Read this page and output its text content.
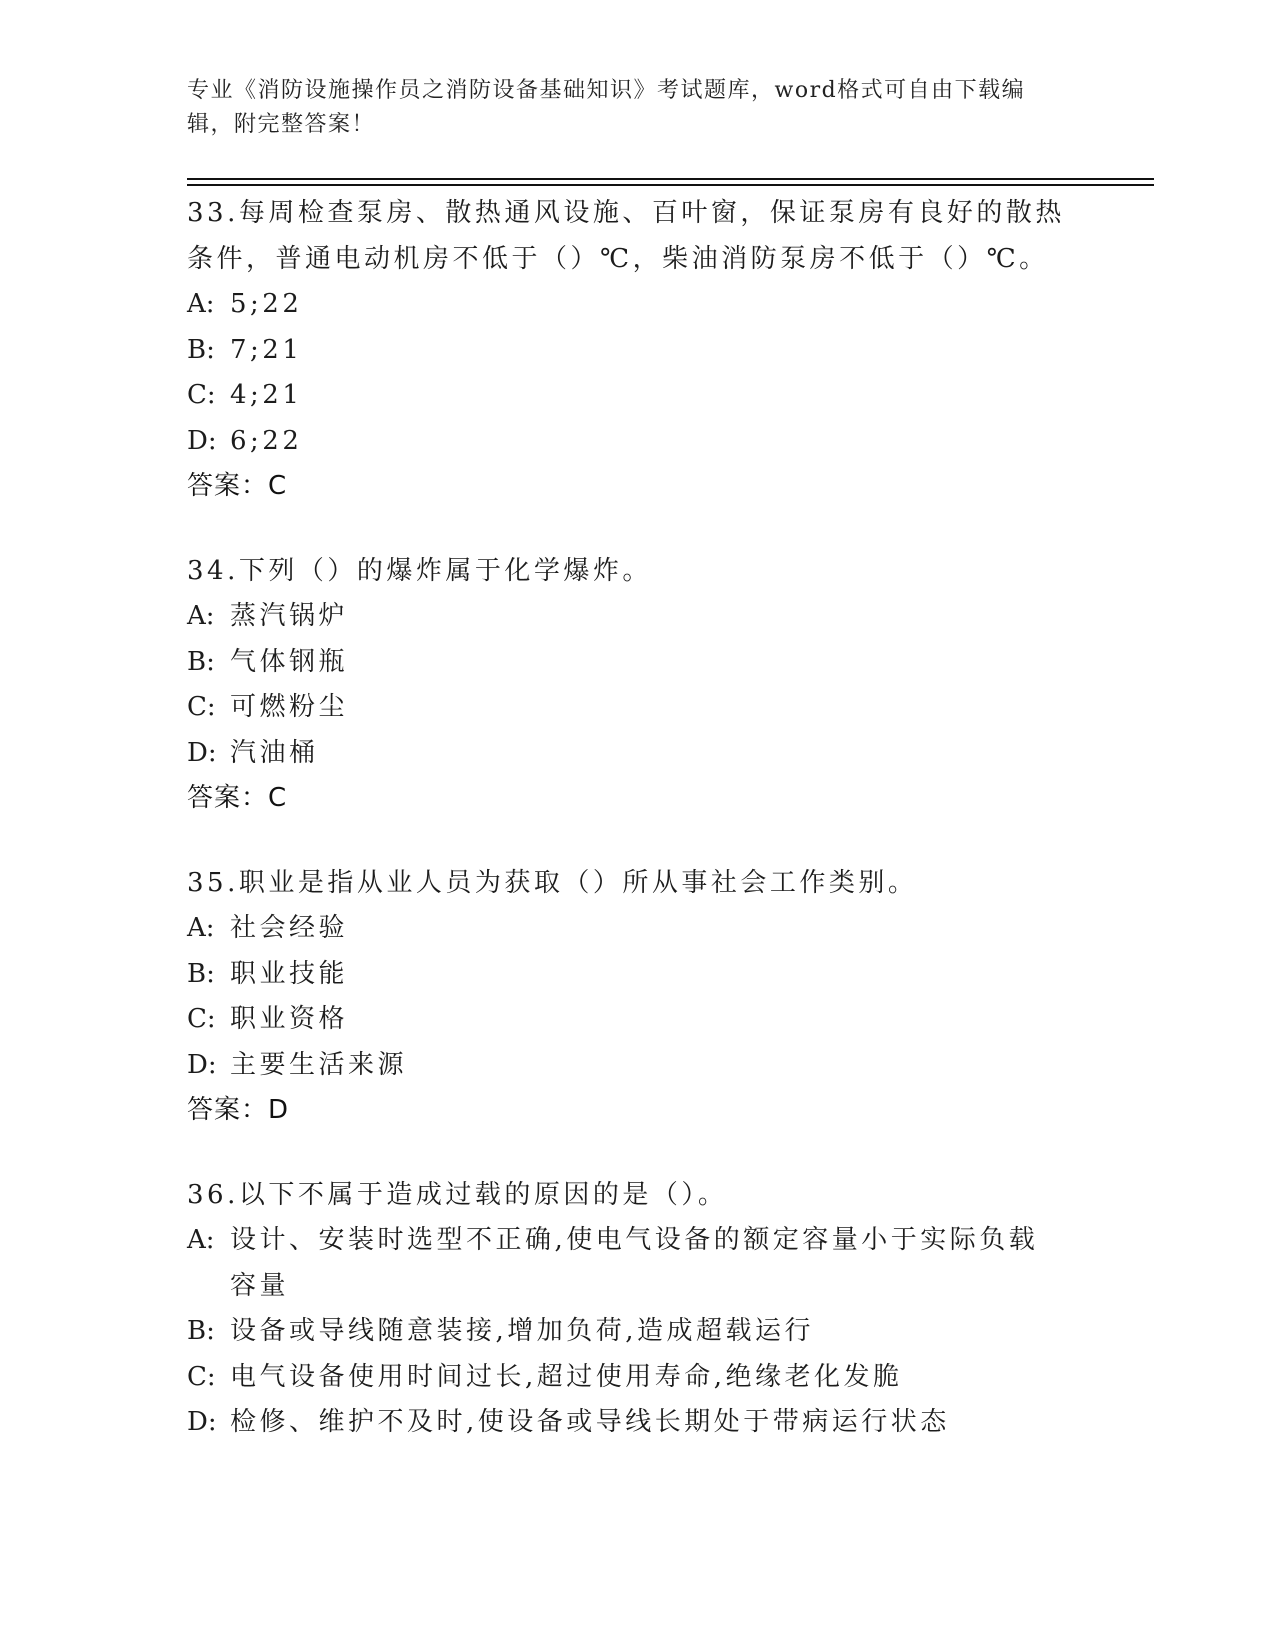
专业《消防设施操作员之消防设备基础知识》考试题库，word格式可自由下载编辑，附完整答案！
33.每周检查泵房、散热通风设施、百叶窗，保证泵房有良好的散热条件，普通电动机房不低于（）℃，柴油消防泵房不低于（）℃。
A: 5;22
B: 7;21
C: 4;21
D: 6;22
答案：C
34.下列（）的爆炸属于化学爆炸。
A: 蒸汽锅炉
B: 气体钢瓶
C: 可燃粉尘
D: 汽油桶
答案：C
35.职业是指从业人员为获取（）所从事社会工作类别。
A: 社会经验
B: 职业技能
C: 职业资格
D: 主要生活来源
答案：D
36.以下不属于造成过载的原因的是（）。
A: 设计、安装时选型不正确,使电气设备的额定容量小于实际负载容量
B: 设备或导线随意装接,增加负荷,造成超载运行
C: 电气设备使用时间过长,超过使用寿命,绝缘老化发脆
D: 检修、维护不及时,使设备或导线长期处于带病运行状态
